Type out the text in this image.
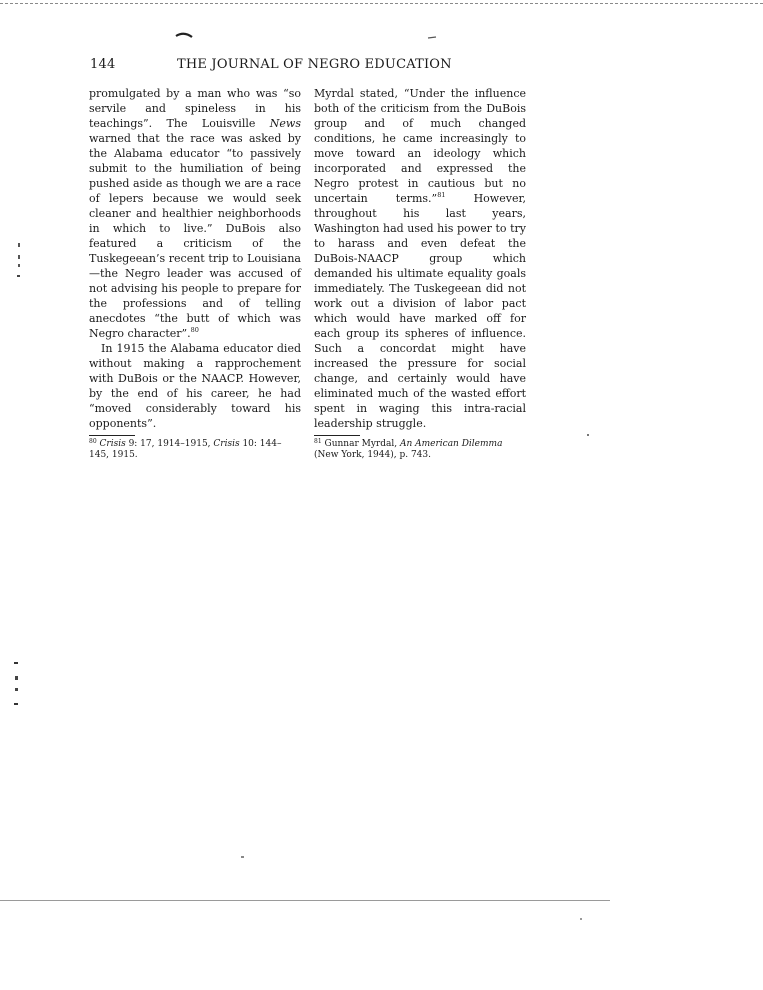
144	THE JOURNAL OF NEGRO EDUCATION

promulgated by a man who was “so servile and spineless in his teachings”. The Louisville News warned that the race was asked by the Alabama educator “to passively submit to the humiliation of being pushed aside as though we are a race of lepers because we would seek cleaner and healthier neighborhoods in which to live.” DuBois also featured a criticism of the Tuskegeean’s recent trip to Louisiana —the Negro leader was accused of not advising his people to prepare for the professions and of telling anecdotes “the butt of which was Negro character”.$^{80}$

In 1915 the Alabama educator died without making a rapprochement with DuBois or the NAACP. However, by the end of his career, he had “moved considerably toward his opponents”.

$^{80}$ Crisis 9: 17, 1914–1915, Crisis 10: 144–145, 1915.

Myrdal stated, “Under the influence both of the criticism from the DuBois group and of much changed conditions, he came increasingly to move toward an ideology which incorporated and expressed the Negro protest in cautious but no uncertain terms.”$^{81}$ However, throughout his last years, Washington had used his power to try to harass and even defeat the DuBois-NAACP group which demanded his ultimate equality goals immediately. The Tuskegeean did not work out a division of labor pact which would have marked off for each group its spheres of influence. Such a concordat might have increased the pressure for social change, and certainly would have eliminated much of the wasted effort spent in waging this intra-racial leadership struggle.

$^{81}$ Gunnar Myrdal, An American Dilemma (New York, 1944), p. 743.
